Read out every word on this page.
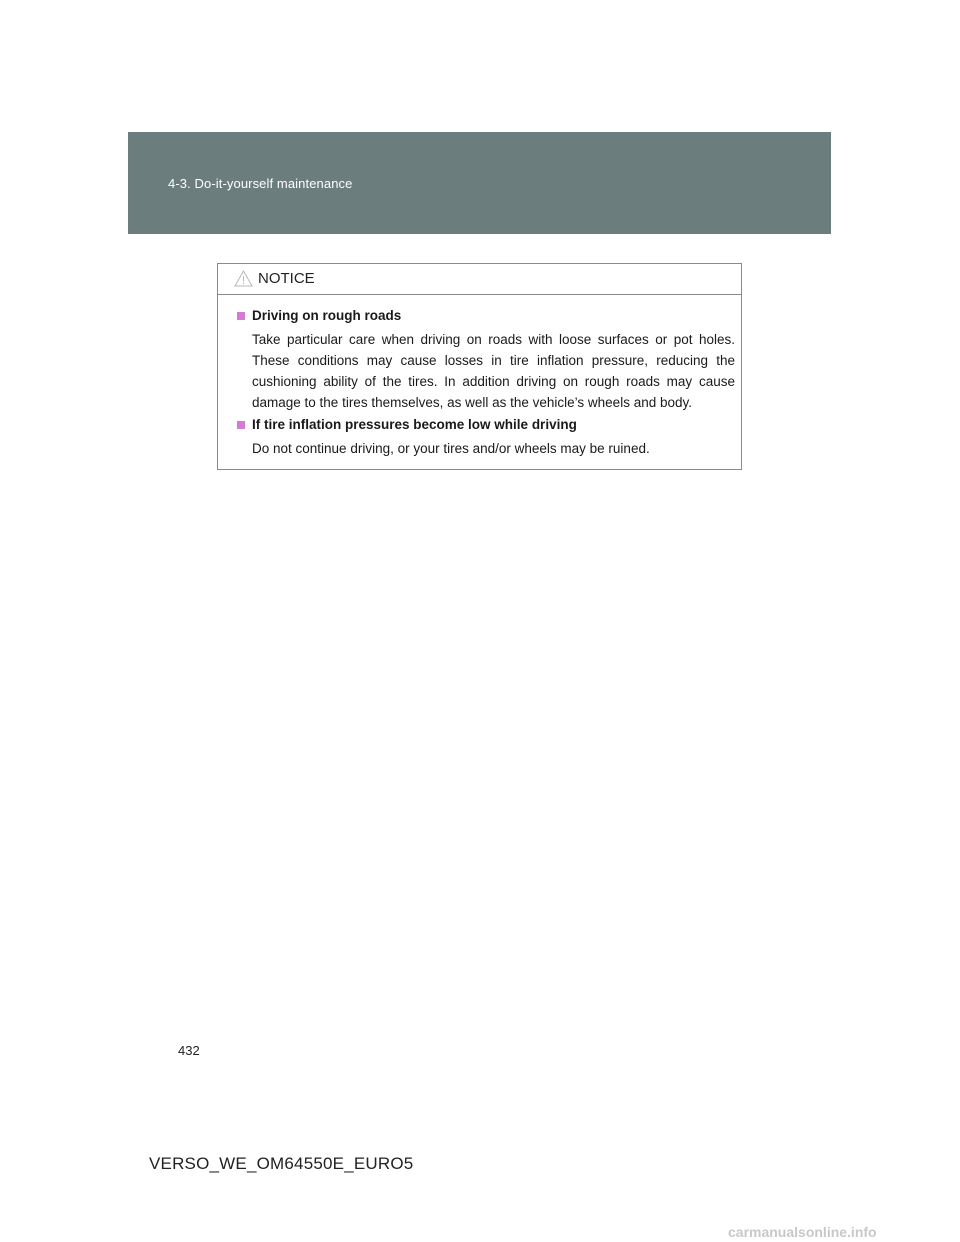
4-3. Do-it-yourself maintenance
NOTICE
Driving on rough roads
Take particular care when driving on roads with loose surfaces or pot holes. These conditions may cause losses in tire inflation pressure, reducing the cushioning ability of the tires. In addition driving on rough roads may cause damage to the tires themselves, as well as the vehicle’s wheels and body.
If tire inflation pressures become low while driving
Do not continue driving, or your tires and/or wheels may be ruined.
432
VERSO_WE_OM64550E_EURO5
carmanualsonline.info
